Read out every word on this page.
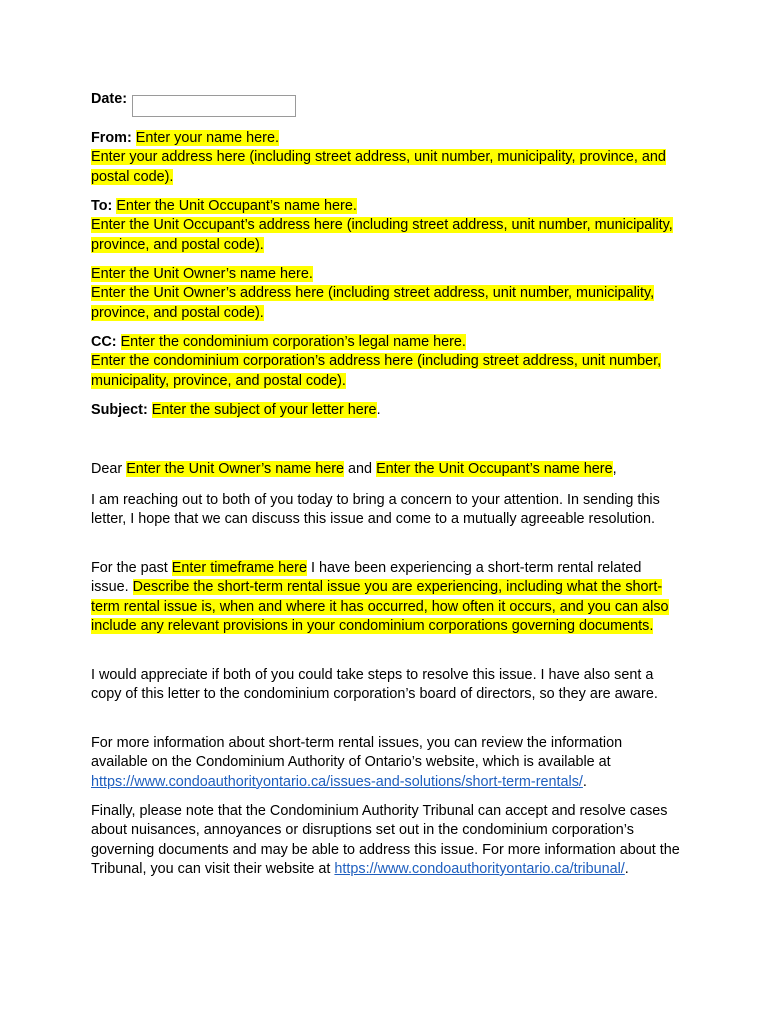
Date:

From: Enter your name here.
Enter your address here (including street address, unit number, municipality, province, and postal code).

To: Enter the Unit Occupant’s name here.
Enter the Unit Occupant’s address here (including street address, unit number, municipality, province, and postal code).

Enter the Unit Owner’s name here.
Enter the Unit Owner’s address here (including street address, unit number, municipality, province, and postal code).

CC: Enter the condominium corporation’s legal name here.
Enter the condominium corporation’s address here (including street address, unit number, municipality, province, and postal code).

Subject: Enter the subject of your letter here.

Dear Enter the Unit Owner’s name here and Enter the Unit Occupant’s name here,

I am reaching out to both of you today to bring a concern to your attention. In sending this letter, I hope that we can discuss this issue and come to a mutually agreeable resolution.

For the past Enter timeframe here I have been experiencing a short-term rental related issue. Describe the short-term rental issue you are experiencing, including what the short-term rental issue is, when and where it has occurred, how often it occurs, and you can also include any relevant provisions in your condominium corporations governing documents.

I would appreciate if both of you could take steps to resolve this issue. I have also sent a copy of this letter to the condominium corporation’s board of directors, so they are aware.

For more information about short-term rental issues, you can review the information available on the Condominium Authority of Ontario’s website, which is available at https://www.condoauthorityontario.ca/issues-and-solutions/short-term-rentals/.

Finally, please note that the Condominium Authority Tribunal can accept and resolve cases about nuisances, annoyances or disruptions set out in the condominium corporation’s governing documents and may be able to address this issue. For more information about the Tribunal, you can visit their website at https://www.condoauthorityontario.ca/tribunal/.
